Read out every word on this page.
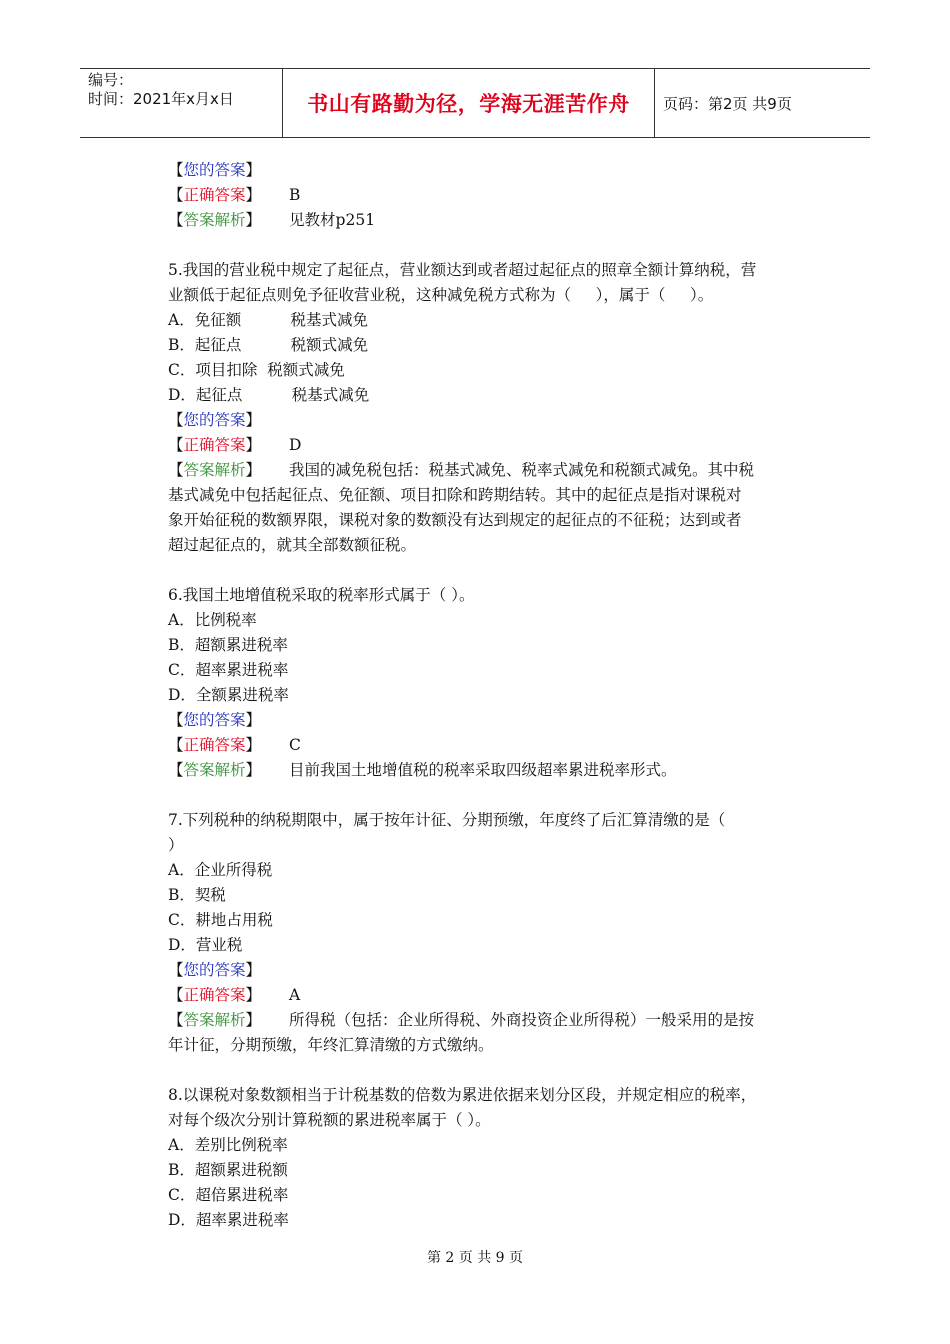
编号：
时间：2021年x月x日	书山有路勤为径，学海无涯苦作舟	页码：第2页 共9页
【您的答案】
【正确答案】 B
【答案解析】 见教材p251
5.我国的营业税中规定了起征点，营业额达到或者超过起征点的照章全额计算纳税，营
业额低于起征点则免予征收营业税，这种减免税方式称为（     ），属于（     ）。
A．免征额          税基式减免
B．起征点          税额式减免
C．项目扣除  税额式减免
D．起征点          税基式减免
【您的答案】
【正确答案】 D
【答案解析】 我国的减免税包括：税基式减免、税率式减免和税额式减免。其中税
基式减免中包括起征点、免征额、项目扣除和跨期结转。其中的起征点是指对课税对
象开始征税的数额界限，课税对象的数额没有达到规定的起征点的不征税；达到或者
超过起征点的，就其全部数额征税。
6.我国土地增值税采取的税率形式属于（ ）。
A．比例税率
B．超额累进税率
C．超率累进税率
D．全额累进税率
【您的答案】
【正确答案】 C
【答案解析】 目前我国土地增值税的税率采取四级超率累进税率形式。
7.下列税种的纳税期限中，属于按年计征、分期预缴，年度终了后汇算清缴的是（
）
A．企业所得税
B．契税
C．耕地占用税
D．营业税
【您的答案】
【正确答案】 A
【答案解析】 所得税（包括：企业所得税、外商投资企业所得税）一般采用的是按
年计征，分期预缴，年终汇算清缴的方式缴纳。
8.以课税对象数额相当于计税基数的倍数为累进依据来划分区段，并规定相应的税率，
对每个级次分别计算税额的累进税率属于（ ）。
A．差别比例税率
B．超额累进税额
C．超倍累进税率
D．超率累进税率
第 2 页 共 9 页
